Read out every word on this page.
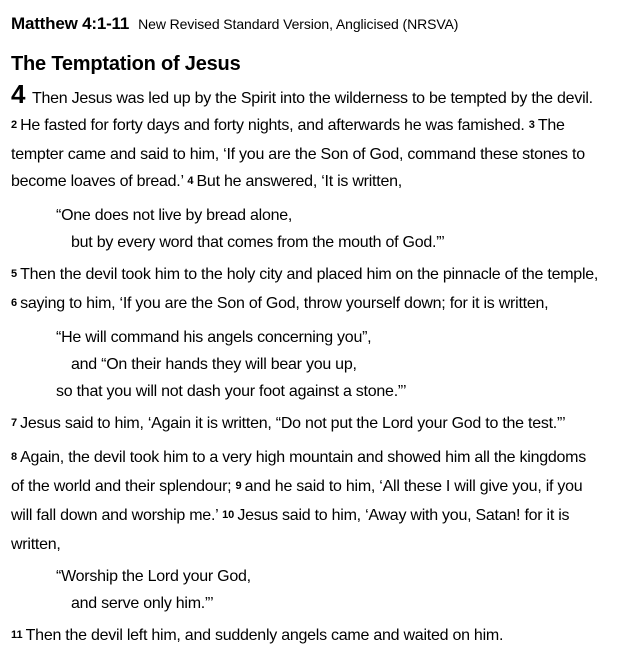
Matthew 4:1-11 New Revised Standard Version, Anglicised (NRSVA)
The Temptation of Jesus

4 Then Jesus was led up by the Spirit into the wilderness to be tempted by the devil. $^2$ He fasted for forty days and forty nights, and afterwards he was famished. $^3$ The tempter came and said to him, ‘If you are the Son of God, command these stones to become loaves of bread.’ $^4$ But he answered, ‘It is written,

“One does not live by bread alone,
but by every word that comes from the mouth of God.”’

$^5$ Then the devil took him to the holy city and placed him on the pinnacle of the temple, $^6$ saying to him, ‘If you are the Son of God, throw yourself down; for it is written,

“He will command his angels concerning you”,
and “On their hands they will bear you up,
so that you will not dash your foot against a stone.”’

$^7$ Jesus said to him, ‘Again it is written, “Do not put the Lord your God to the test.”’

$^8$ Again, the devil took him to a very high mountain and showed him all the kingdoms of the world and their splendour; $^9$ and he said to him, ‘All these I will give you, if you will fall down and worship me.’ $^{10}$ Jesus said to him, ‘Away with you, Satan! for it is written,

“Worship the Lord your God,
and serve only him.”’

$^{11}$ Then the devil left him, and suddenly angels came and waited on him.
